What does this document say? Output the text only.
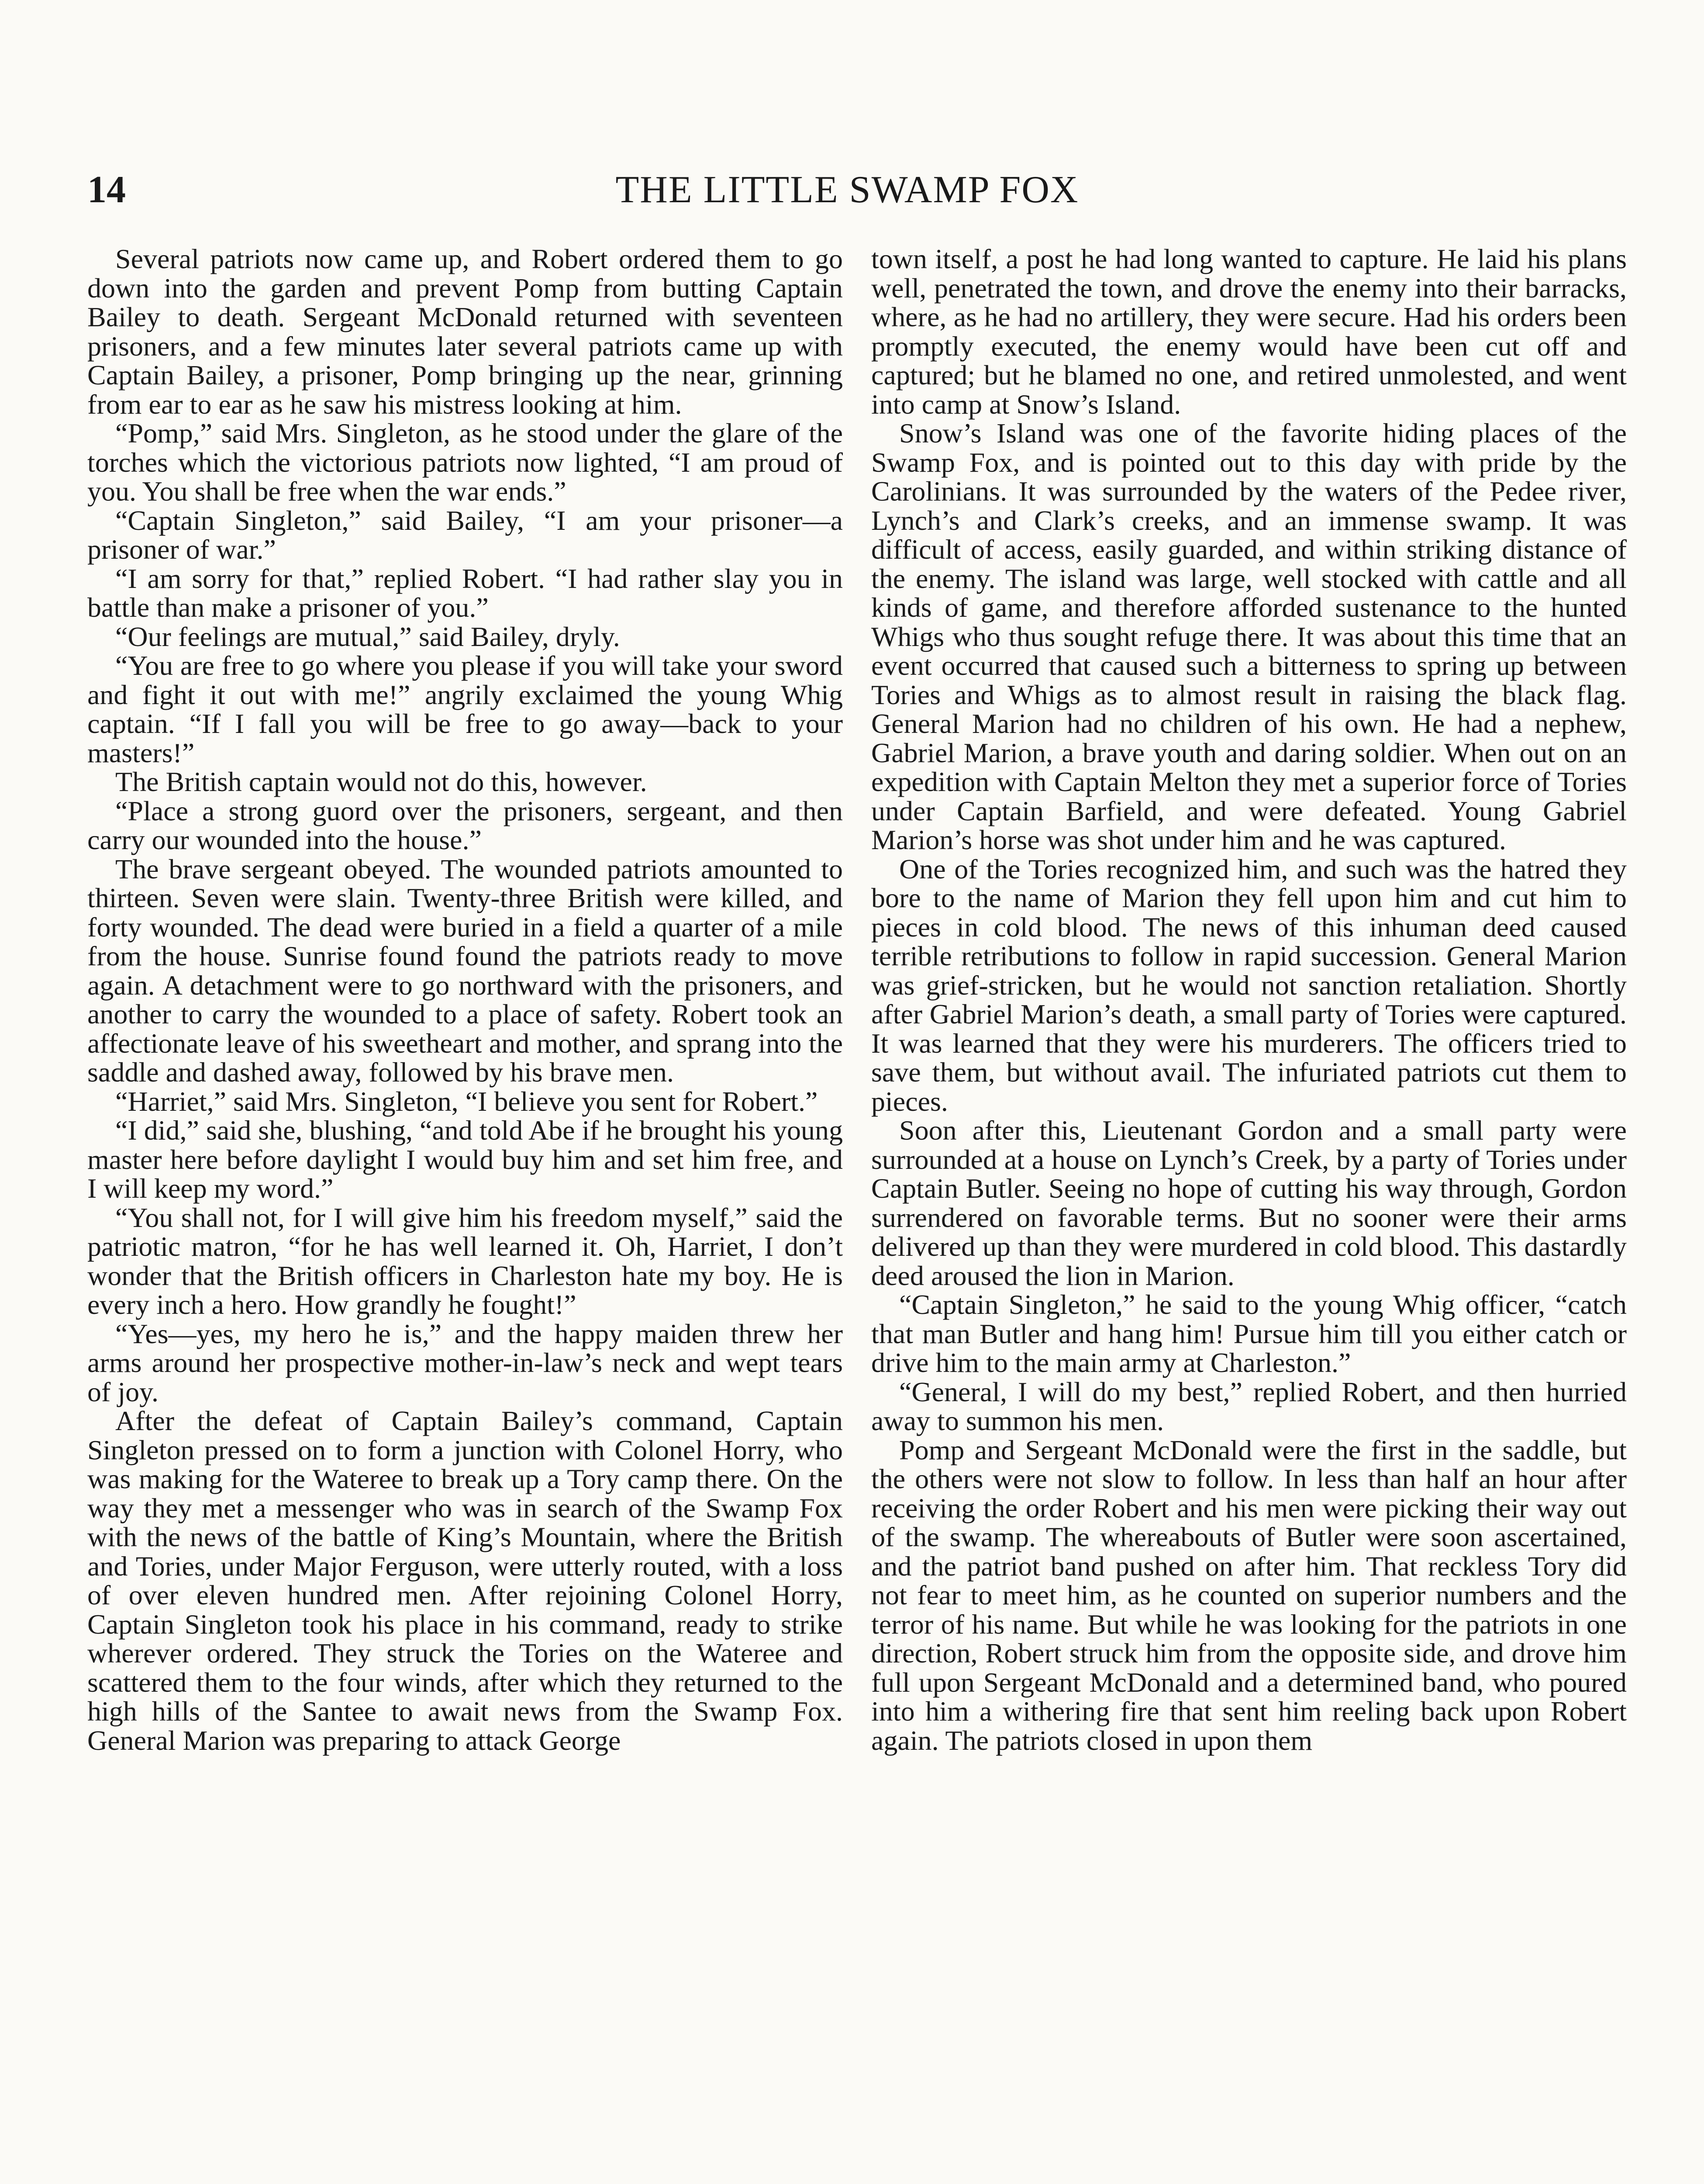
14	THE LITTLE SWAMP FOX

Several patriots now came up, and Robert ordered them to go down into the garden and prevent Pomp from butting Captain Bailey to death. Sergeant McDonald returned with seventeen prisoners, and a few minutes later several patriots came up with Captain Bailey, a prisoner, Pomp bringing up the near, grinning from ear to ear as he saw his mistress looking at him.

“Pomp,” said Mrs. Singleton, as he stood under the glare of the torches which the victorious patriots now lighted, “I am proud of you. You shall be free when the war ends.”

“Captain Singleton,” said Bailey, “I am your prisoner—a prisoner of war.”

“I am sorry for that,” replied Robert. “I had rather slay you in battle than make a prisoner of you.”

“Our feelings are mutual,” said Bailey, dryly.

“You are free to go where you please if you will take your sword and fight it out with me!” angrily exclaimed the young Whig captain. “If I fall you will be free to go away—back to your masters!”

The British captain would not do this, however.

“Place a strong guord over the prisoners, sergeant, and then carry our wounded into the house.”

The brave sergeant obeyed. The wounded patriots amounted to thirteen. Seven were slain. Twenty-three British were killed, and forty wounded. The dead were buried in a field a quarter of a mile from the house. Sunrise found found the patriots ready to move again. A detachment were to go northward with the prisoners, and another to carry the wounded to a place of safety. Robert took an affectionate leave of his sweetheart and mother, and sprang into the saddle and dashed away, followed by his brave men.

“Harriet,” said Mrs. Singleton, “I believe you sent for Robert.”

“I did,” said she, blushing, “and told Abe if he brought his young master here before daylight I would buy him and set him free, and I will keep my word.”

“You shall not, for I will give him his freedom myself,” said the patriotic matron, “for he has well learned it. Oh, Harriet, I don’t wonder that the British officers in Charleston hate my boy. He is every inch a hero. How grandly he fought!”

“Yes—yes, my hero he is,” and the happy maiden threw her arms around her prospective mother-in-law’s neck and wept tears of joy.

After the defeat of Captain Bailey’s command, Captain Singleton pressed on to form a junction with Colonel Horry, who was making for the Wateree to break up a Tory camp there. On the way they met a messenger who was in search of the Swamp Fox with the news of the battle of King’s Mountain, where the British and Tories, under Major Ferguson, were utterly routed, with a loss of over eleven hundred men. After rejoining Colonel Horry, Captain Singleton took his place in his command, ready to strike wherever ordered. They struck the Tories on the Wateree and scattered them to the four winds, after which they returned to the high hills of the Santee to await news from the Swamp Fox. General Marion was preparing to attack George

town itself, a post he had long wanted to capture. He laid his plans well, penetrated the town, and drove the enemy into their barracks, where, as he had no artillery, they were secure. Had his orders been promptly executed, the enemy would have been cut off and captured; but he blamed no one, and retired unmolested, and went into camp at Snow’s Island.

Snow’s Island was one of the favorite hiding places of the Swamp Fox, and is pointed out to this day with pride by the Carolinians. It was surrounded by the waters of the Pedee river, Lynch’s and Clark’s creeks, and an immense swamp. It was difficult of access, easily guarded, and within striking distance of the enemy. The island was large, well stocked with cattle and all kinds of game, and therefore afforded sustenance to the hunted Whigs who thus sought refuge there. It was about this time that an event occurred that caused such a bitterness to spring up between Tories and Whigs as to almost result in raising the black flag. General Marion had no children of his own. He had a nephew, Gabriel Marion, a brave youth and daring soldier. When out on an expedition with Captain Melton they met a superior force of Tories under Captain Barfield, and were defeated. Young Gabriel Marion’s horse was shot under him and he was captured.

One of the Tories recognized him, and such was the hatred they bore to the name of Marion they fell upon him and cut him to pieces in cold blood. The news of this inhuman deed caused terrible retributions to follow in rapid succession. General Marion was grief-stricken, but he would not sanction retaliation. Shortly after Gabriel Marion’s death, a small party of Tories were captured. It was learned that they were his murderers. The officers tried to save them, but without avail. The infuriated patriots cut them to pieces.

Soon after this, Lieutenant Gordon and a small party were surrounded at a house on Lynch’s Creek, by a party of Tories under Captain Butler. Seeing no hope of cutting his way through, Gordon surrendered on favorable terms. But no sooner were their arms delivered up than they were murdered in cold blood. This dastardly deed aroused the lion in Marion.

“Captain Singleton,” he said to the young Whig officer, “catch that man Butler and hang him! Pursue him till you either catch or drive him to the main army at Charleston.”

“General, I will do my best,” replied Robert, and then hurried away to summon his men.

Pomp and Sergeant McDonald were the first in the saddle, but the others were not slow to follow. In less than half an hour after receiving the order Robert and his men were picking their way out of the swamp. The whereabouts of Butler were soon ascertained, and the patriot band pushed on after him. That reckless Tory did not fear to meet him, as he counted on superior numbers and the terror of his name. But while he was looking for the patriots in one direction, Robert struck him from the opposite side, and drove him full upon Sergeant McDonald and a determined band, who poured into him a withering fire that sent him reeling back upon Robert again. The patriots closed in upon them
